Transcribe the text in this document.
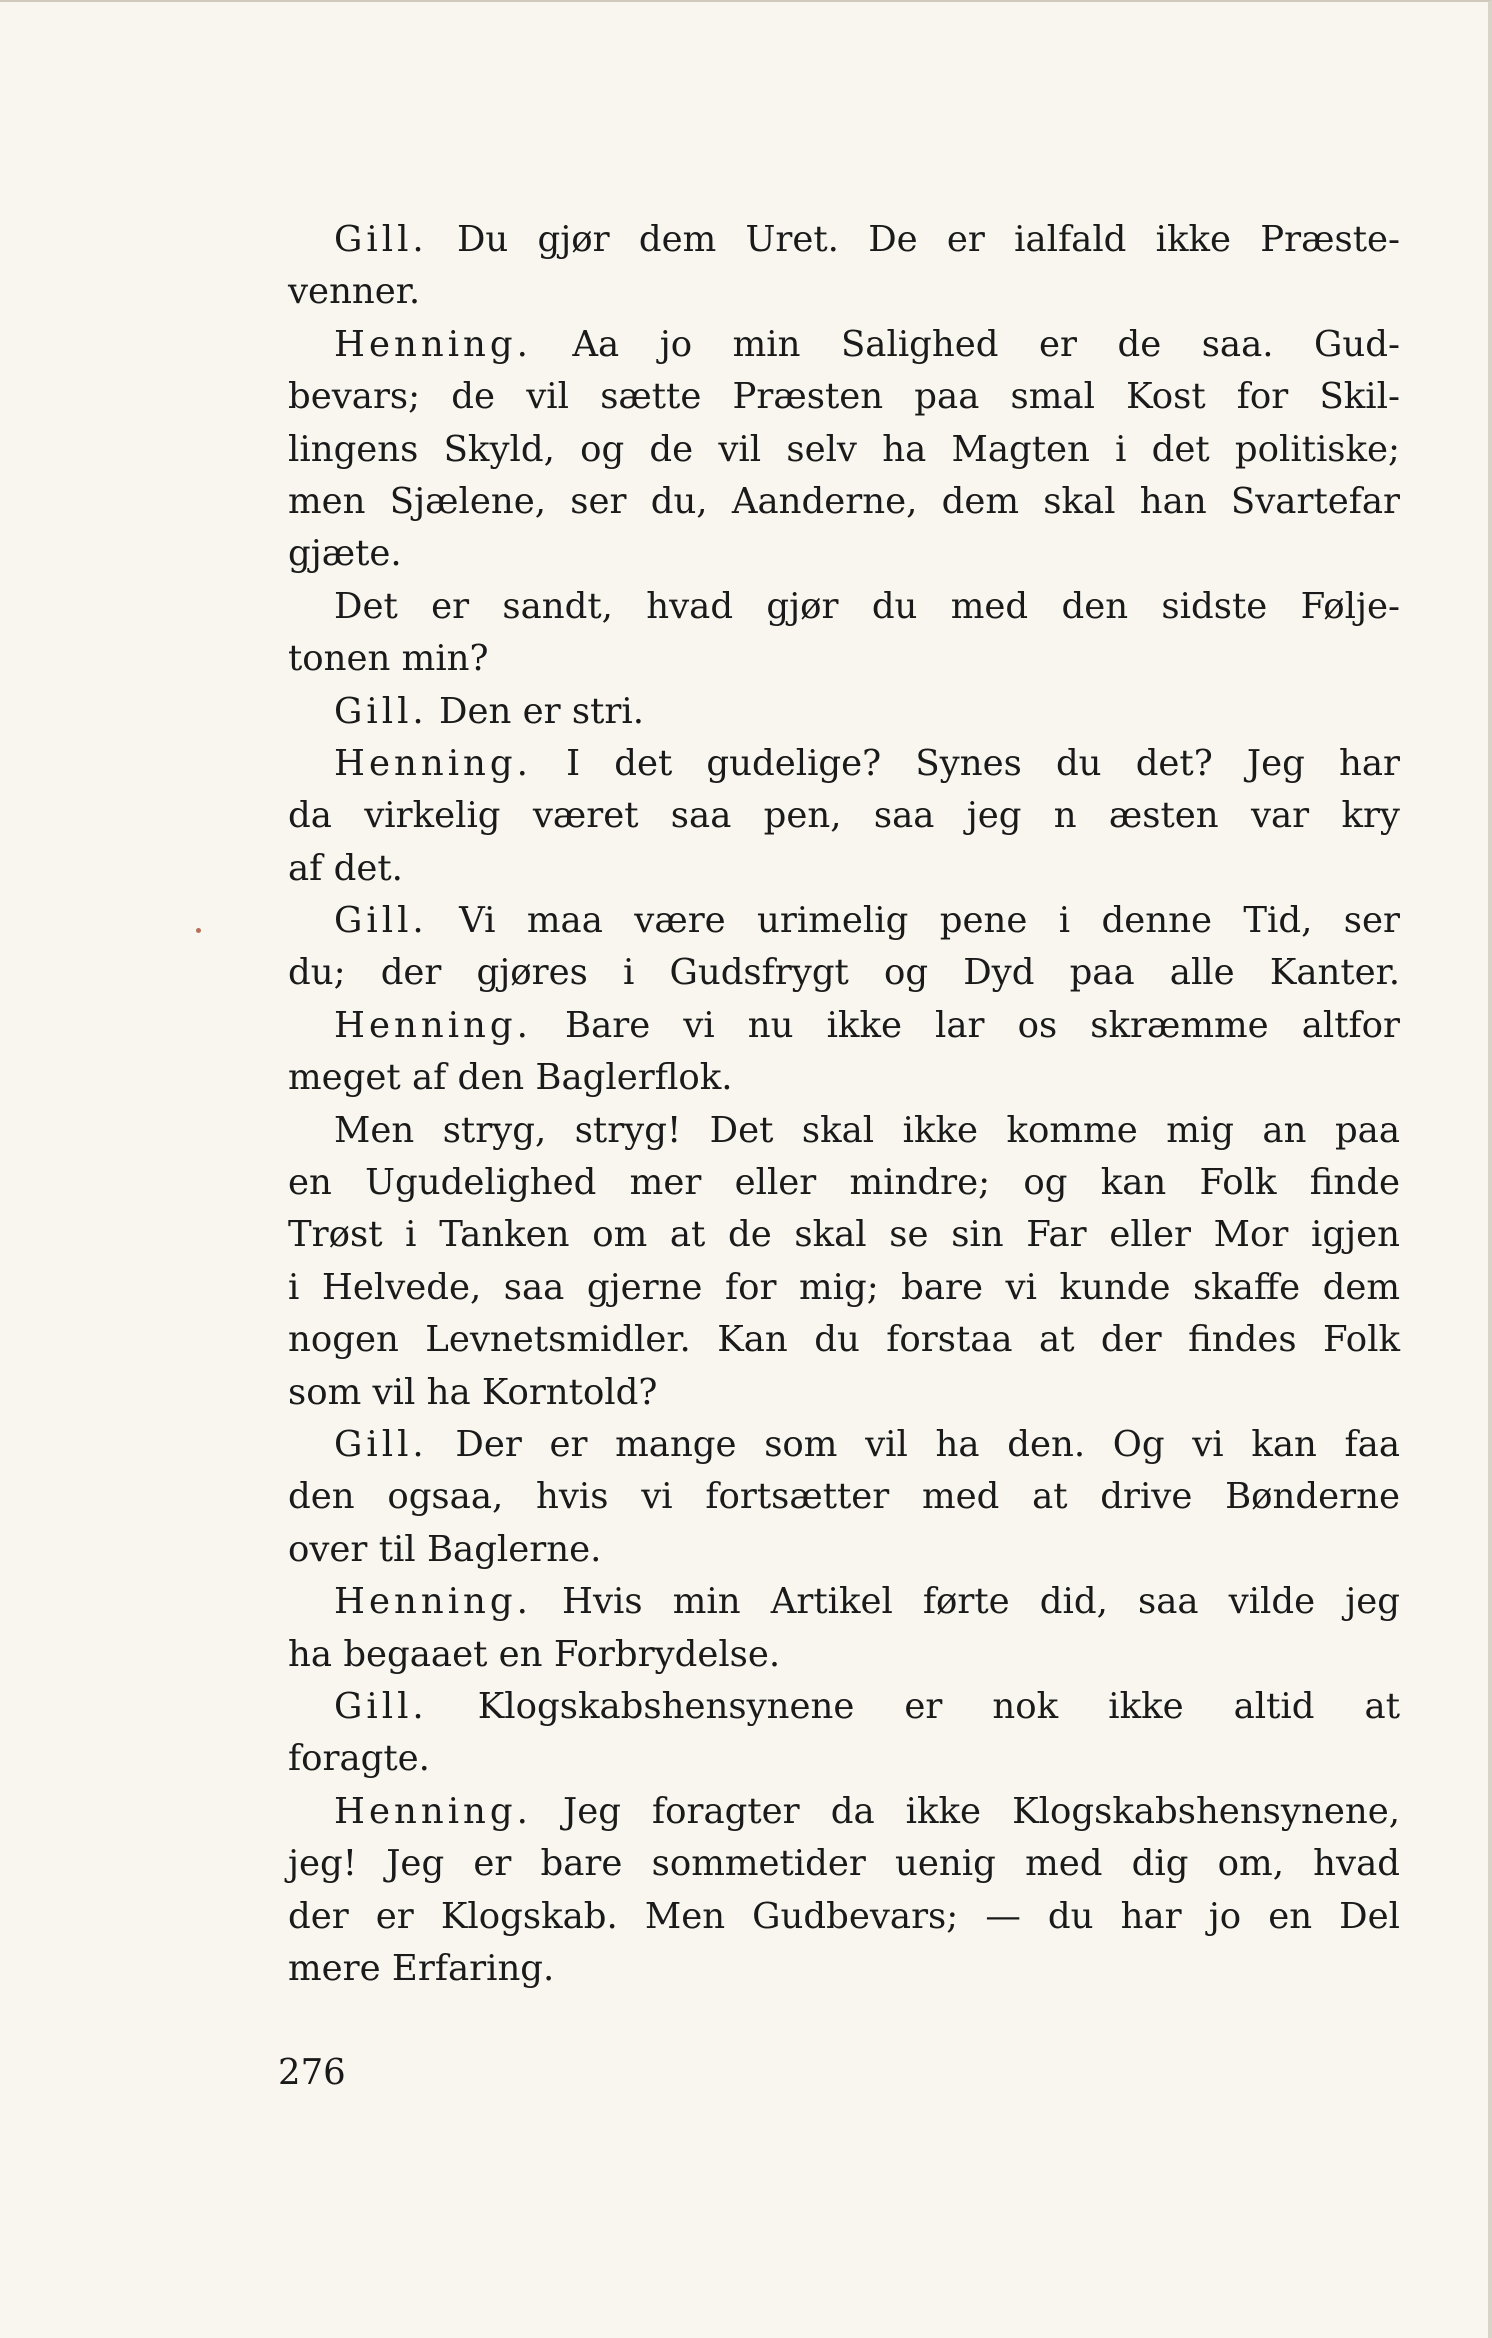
Gill. Du gjør dem Uret. De er ialfald ikke Præste-
venner.
Henning. Aa jo min Salighed er de saa. Gud-
bevars; de vil sætte Præsten paa smal Kost for Skil-
lingens Skyld, og de vil selv ha Magten i det politiske;
men Sjælene, ser du, Aanderne, dem skal han Svartefar
gjæte.
Det er sandt, hvad gjør du med den sidste Følje-
tonen min?
Gill. Den er stri.
Henning. I det gudelige? Synes du det? Jeg har
da virkelig været saa pen, saa jeg n æsten var kry
af det.
Gill. Vi maa være urimelig pene i denne Tid, ser
du; der gjøres i Gudsfrygt og Dyd paa alle Kanter.
Henning. Bare vi nu ikke lar os skræmme altfor
meget af den Baglerflok.
Men stryg, stryg! Det skal ikke komme mig an paa
en Ugudelighed mer eller mindre; og kan Folk finde
Trøst i Tanken om at de skal se sin Far eller Mor igjen
i Helvede, saa gjerne for mig; bare vi kunde skaffe dem
nogen Levnetsmidler. Kan du forstaa at der findes Folk
som vil ha Korntold?
Gill. Der er mange som vil ha den. Og vi kan faa
den ogsaa, hvis vi fortsætter med at drive Bønderne
over til Baglerne.
Henning. Hvis min Artikel førte did, saa vilde jeg
ha begaaet en Forbrydelse.
Gill. Klogskabshensynene er nok ikke altid at
foragte.
Henning. Jeg foragter da ikke Klogskabshensynene,
jeg! Jeg er bare sommetider uenig med dig om, hvad
der er Klogskab. Men Gudbevars; — du har jo en Del
mere Erfaring.
276
